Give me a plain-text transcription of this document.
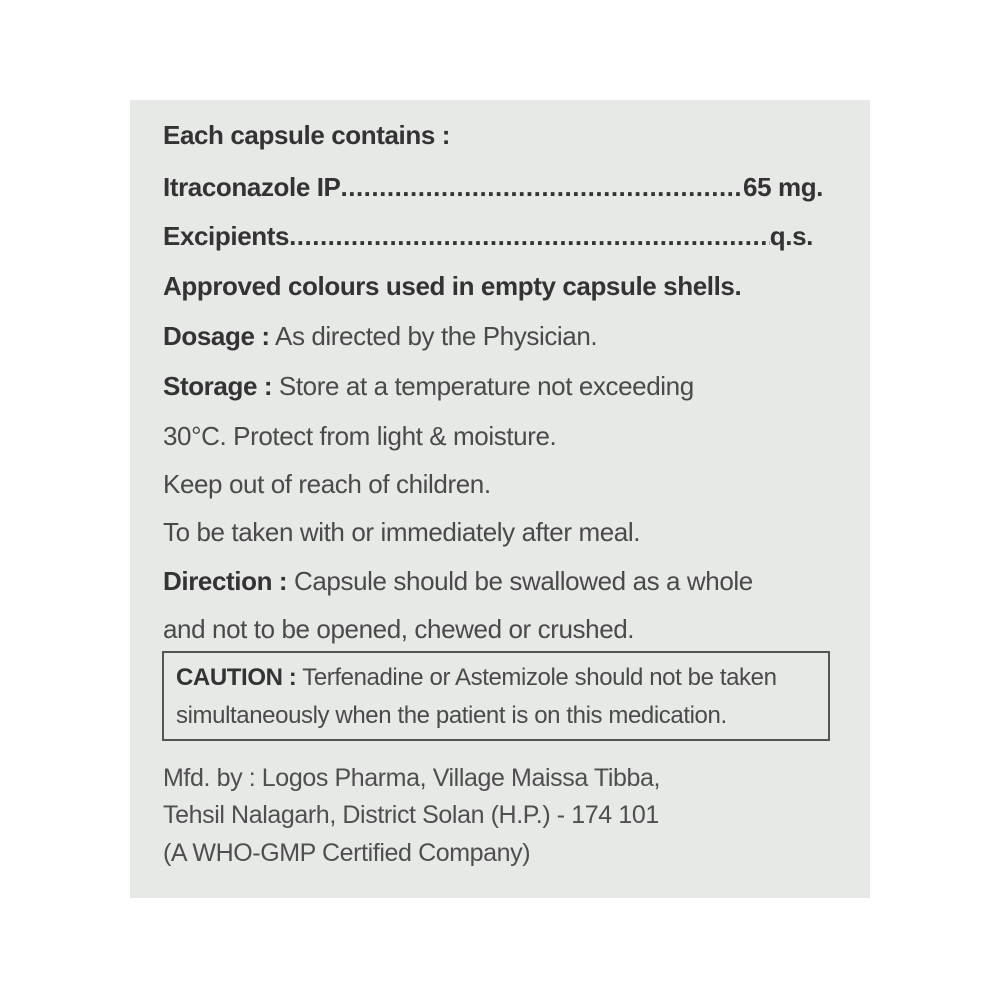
Each capsule contains :
Itraconazole IP .....	65 mg.
Excipients .....	q.s.
Approved colours used in empty capsule shells.
Dosage : As directed by the Physician.
Storage : Store at a temperature not exceeding
30°C. Protect from light & moisture.
Keep out of reach of children.
To be taken with or immediately after meal.
Direction : Capsule should be swallowed as a whole
and not to be opened, chewed or crushed.
CAUTION : Terfenadine or Astemizole should not be taken
simultaneously when the patient is on this medication.
Mfd. by : Logos Pharma, Village Maissa Tibba,
Tehsil Nalagarh, District Solan (H.P.) - 174 101
(A WHO-GMP Certified Company)
